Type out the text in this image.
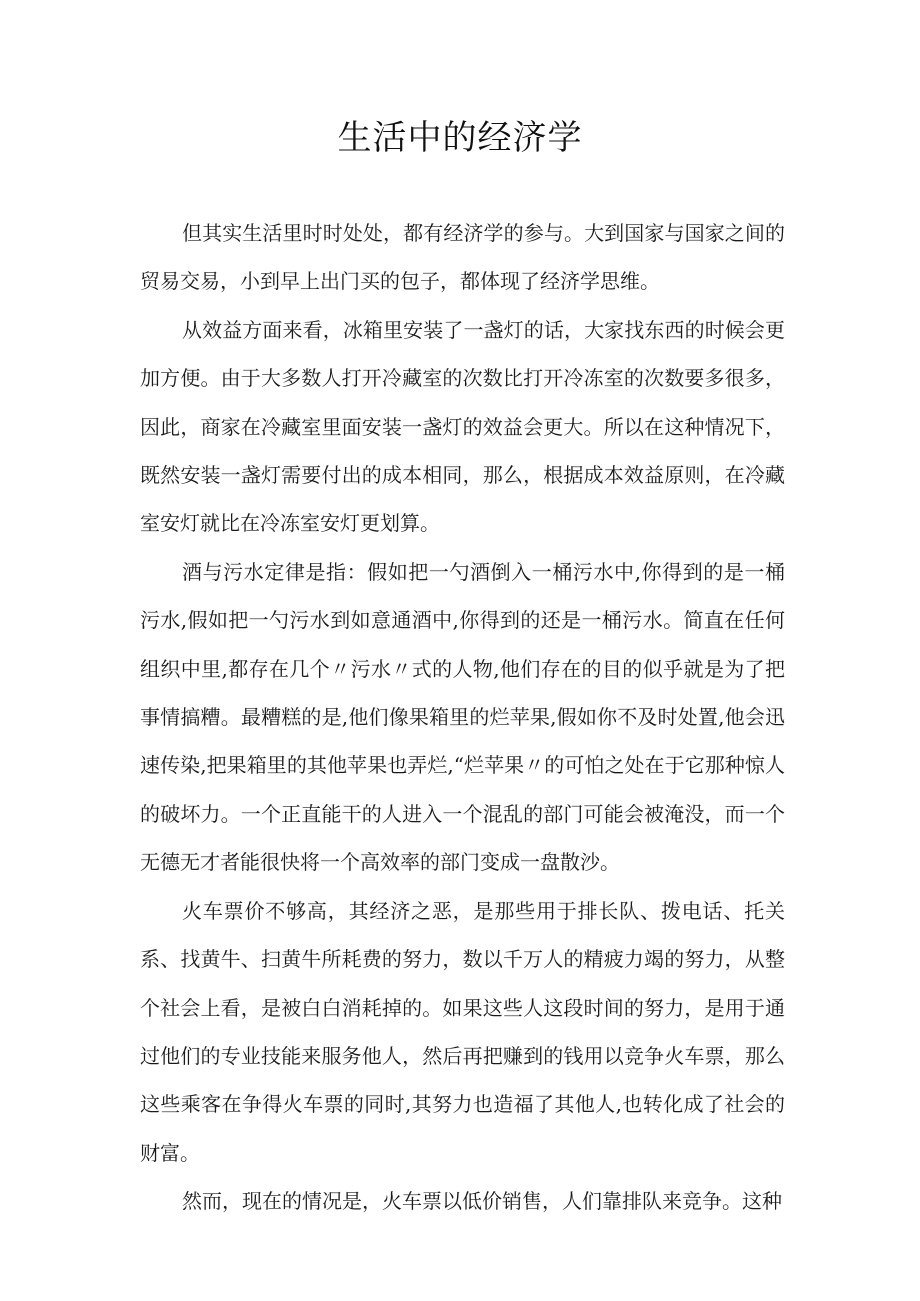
生活中的经济学

但其实生活里时时处处，都有经济学的参与。大到国家与国家之间的贸易交易，小到早上出门买的包子，都体现了经济学思维。

从效益方面来看，冰箱里安装了一盏灯的话，大家找东西的时候会更加方便。由于大多数人打开冷藏室的次数比打开冷冻室的次数要多很多，因此，商家在冷藏室里面安装一盏灯的效益会更大。所以在这种情况下，既然安装一盏灯需要付出的成本相同，那么，根据成本效益原则，在冷藏室安灯就比在冷冻室安灯更划算。

酒与污水定律是指：假如把一勺酒倒入一桶污水中,你得到的是一桶污水,假如把一勺污水到如意通酒中,你得到的还是一桶污水。简直在任何组织中里,都存在几个〃污水〃式的人物,他们存在的目的似乎就是为了把事情搞糟。最糟糕的是,他们像果箱里的烂苹果,假如你不及时处置,他会迅速传染,把果箱里的其他苹果也弄烂,“烂苹果〃的可怕之处在于它那种惊人的破坏力。一个正直能干的人进入一个混乱的部门可能会被淹没，而一个无德无才者能很快将一个高效率的部门变成一盘散沙。

火车票价不够高，其经济之恶，是那些用于排长队、拨电话、托关系、找黄牛、扫黄牛所耗费的努力，数以千万人的精疲力竭的努力，从整个社会上看，是被白白消耗掉的。如果这些人这段时间的努力，是用于通过他们的专业技能来服务他人，然后再把赚到的钱用以竞争火车票，那么这些乘客在争得火车票的同时,其努力也造福了其他人,也转化成了社会的财富。

然而，现在的情况是，火车票以低价销售，人们靠排队来竞争。这种
